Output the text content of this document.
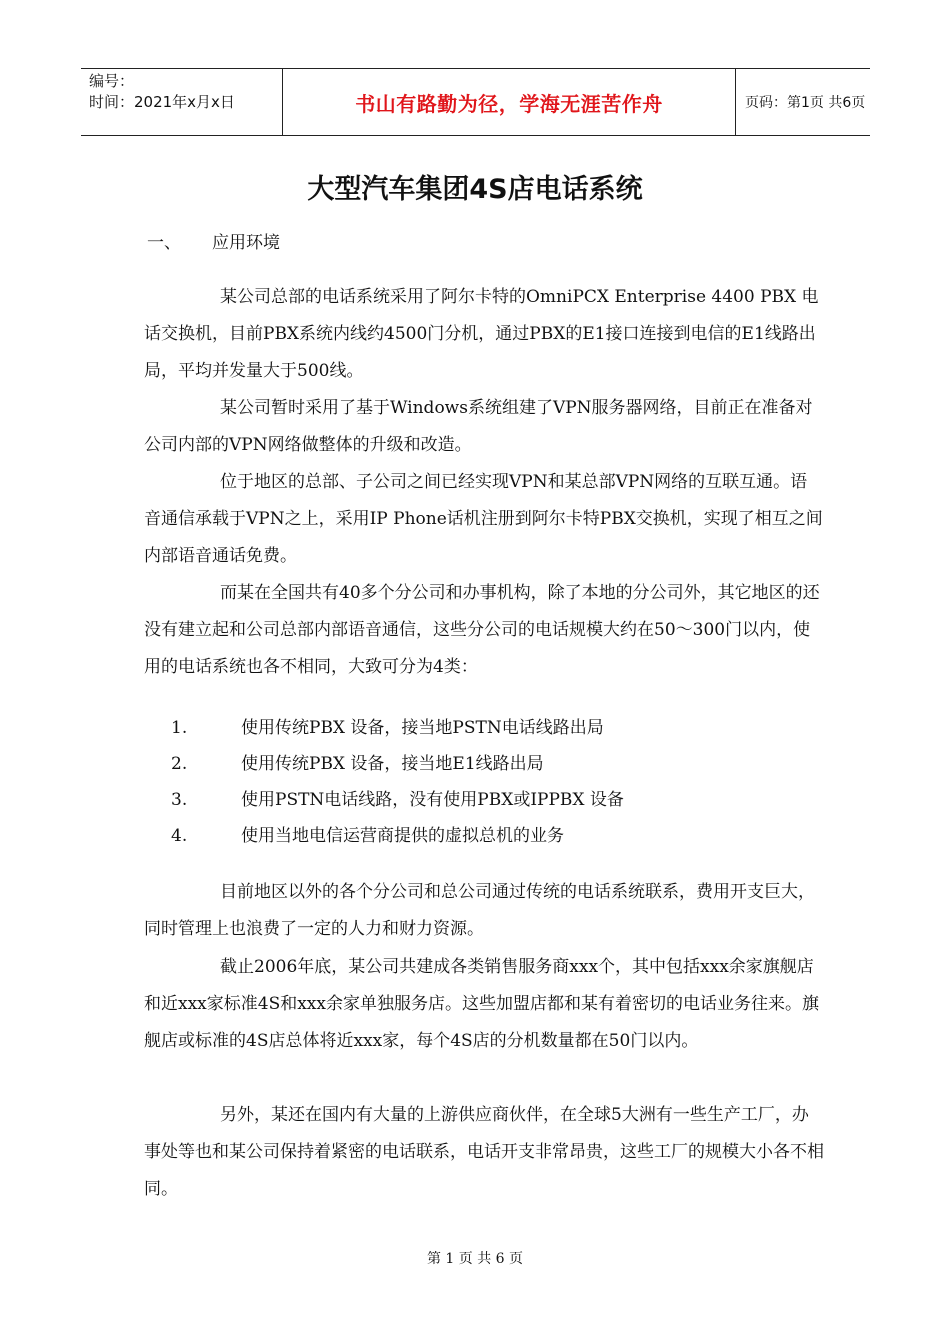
编号：
时间：2021年x月x日	书山有路勤为径，学海无涯苦作舟	页码：第1页 共6页
大型汽车集团4S店电话系统
一、 应用环境

某公司总部的电话系统采用了阿尔卡特的OmniPCX Enterprise 4400 PBX 电话交换机，目前PBX系统内线约4500门分机，通过PBX的E1接口连接到电信的E1线路出局，平均并发量大于500线。

某公司暂时采用了基于Windows系统组建了VPN服务器网络，目前正在准备对公司内部的VPN网络做整体的升级和改造。

位于地区的总部、子公司之间已经实现VPN和某总部VPN网络的互联互通。语音通信承载于VPN之上，采用IP Phone话机注册到阿尔卡特PBX交换机，实现了相互之间内部语音通话免费。

而某在全国共有40多个分公司和办事机构，除了本地的分公司外，其它地区的还没有建立起和公司总部内部语音通信，这些分公司的电话规模大约在50～300门以内，使用的电话系统也各不相同，大致可分为4类：

1.	使用传统PBX 设备，接当地PSTN电话线路出局
2.	使用传统PBX 设备，接当地E1线路出局
3.	使用PSTN电话线路，没有使用PBX或IPPBX 设备
4.	使用当地电信运营商提供的虚拟总机的业务

目前地区以外的各个分公司和总公司通过传统的电话系统联系，费用开支巨大，同时管理上也浪费了一定的人力和财力资源。

截止2006年底，某公司共建成各类销售服务商xxx个，其中包括xxx余家旗舰店和近xxx家标准4S和xxx余家单独服务店。这些加盟店都和某有着密切的电话业务往来。旗舰店或标准的4S店总体将近xxx家，每个4S店的分机数量都在50门以内。

另外，某还在国内有大量的上游供应商伙伴，在全球5大洲有一些生产工厂，办事处等也和某公司保持着紧密的电话联系，电话开支非常昂贵，这些工厂的规模大小各不相同。

第 1 页 共 6 页
